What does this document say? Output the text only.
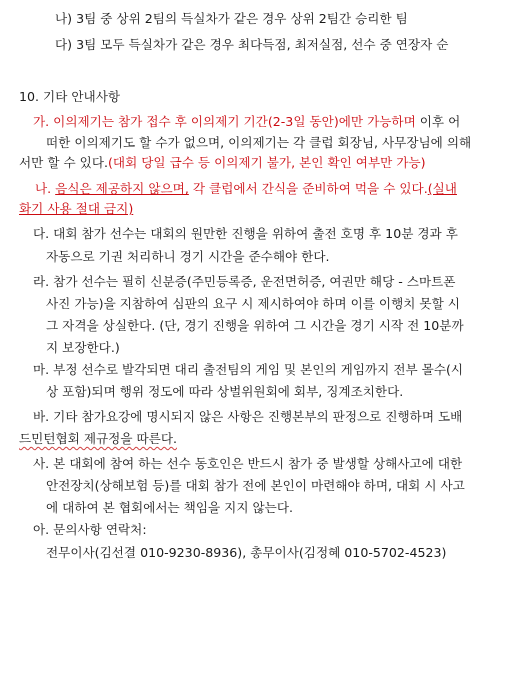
나) 3팀 중 상위 2팀의 득실차가 같은 경우 상위 2팀간 승리한 팀
다) 3팀 모두 득실차가 같은 경우 최다득점, 최저실점, 선수 중 연장자 순
10. 기타 안내사항
가. 이의제기는 참가 접수 후 이의제기 기간(2-3일 동안)에만 가능하며 이후 어
떠한 이의제기도 할 수가 없으며, 이의제기는 각 클럽 회장님, 사무장님에 의해
서만 할 수 있다.(대회 당일 급수 등 이의제기 불가, 본인 확인 여부만 가능)
나. 음식은 제공하지 않으며, 각 클럽에서 간식을 준비하여 먹을 수 있다.(실내
화기 사용 절대 금지)
다. 대회 참가 선수는 대회의 원만한 진행을 위하여 출전 호명 후 10분 경과 후
자동으로 기권 처리하니 경기 시간을 준수해야 한다.
라. 참가 선수는 필히 신분증(주민등록증, 운전면허증, 여권만 해당 - 스마트폰
사진 가능)을 지참하여 심판의 요구 시 제시하여야 하며 이를 이행치 못할 시
그 자격을 상실한다. (단, 경기 진행을 위하여 그 시간을 경기 시작 전 10분까
지 보장한다.)
마. 부정 선수로 발각되면 대리 출전팀의 게임 및 본인의 게임까지 전부 몰수(시
상 포함)되며 행위 정도에 따라 상벌위원회에 회부, 징계조치한다.
바. 기타 참가요강에 명시되지 않은 사항은 진행본부의 판정으로 진행하며 도배
드민턴협회 제규정을 따른다.
사. 본 대회에 참여 하는 선수 동호인은 반드시 참가 중 발생할 상해사고에 대한
안전장치(상해보험 등)를 대회 참가 전에 본인이 마련해야 하며, 대회 시 사고
에 대하여 본 협회에서는 책임을 지지 않는다.
아. 문의사항 연락처:
전무이사(김선결 010-9230-8936), 총무이사(김정혜 010-5702-4523)
